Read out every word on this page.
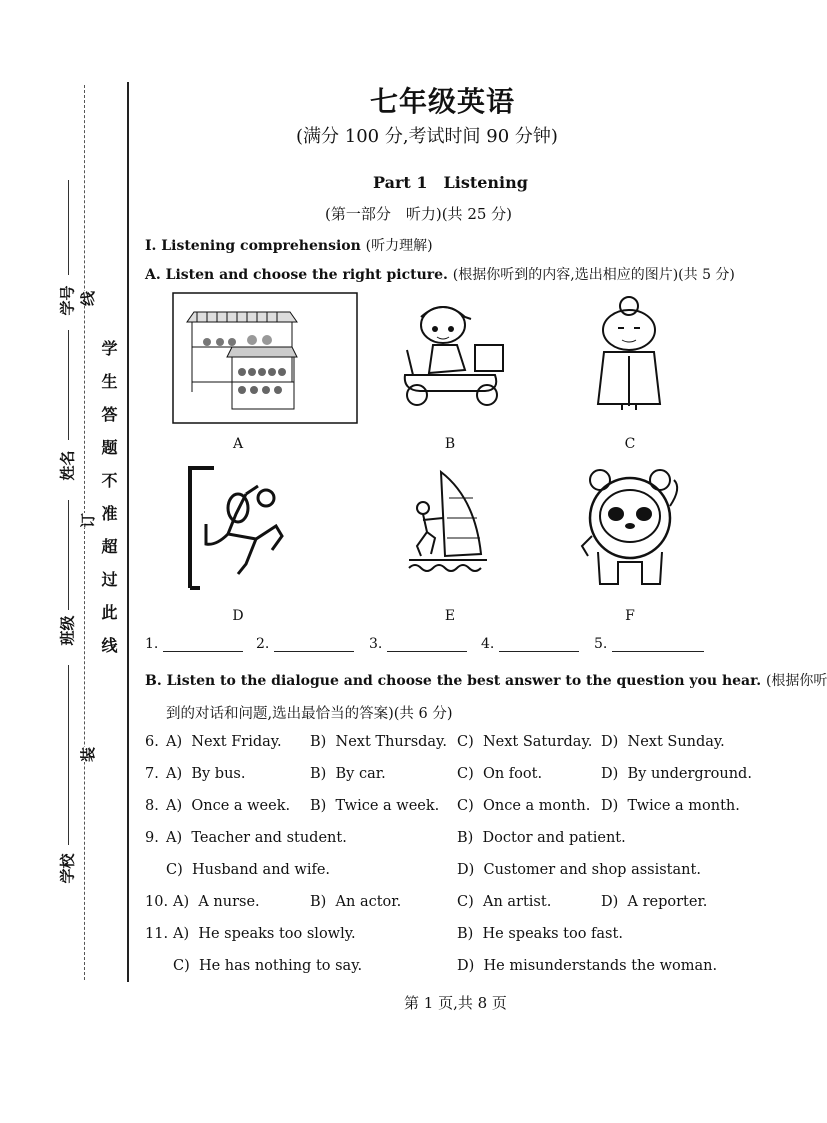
学号
姓名
班级
学校
线
订
装
学生答题不准超过此线
七年级英语
(满分 100 分,考试时间 90 分钟)
Part 1　Listening
(第一部分　听力)(共 25 分)
I. Listening comprehension (听力理解)
A. Listen and choose the right picture. (根据你听到的内容,选出相应的图片)(共 5 分)
A	B	C
D	E	F
1.	2.	3.	4.	5.
B. Listen to the dialogue and choose the best answer to the question you hear. (根据你听
到的对话和问题,选出最恰当的答案)(共 6 分)
6. A)  Next Friday. B)  Next Thursday. C)  Next Saturday. D)  Next Sunday.
7. A)  By bus.	B)  By car.	C)  On foot.	D)  By underground.
8. A)  Once a week. B)  Twice a week. C)  Once a month. D)  Twice a month.
9. A)  Teacher and student.	B)  Doctor and patient.
C)  Husband and wife.	D)  Customer and shop assistant.
10. A)  A nurse.	B)  An actor.	C)  An artist.	D)  A reporter.
11. A)  He speaks too slowly.	B)  He speaks too fast.
C)  He has nothing to say.	D)  He misunderstands the woman.
第 1 页,共 8 页
